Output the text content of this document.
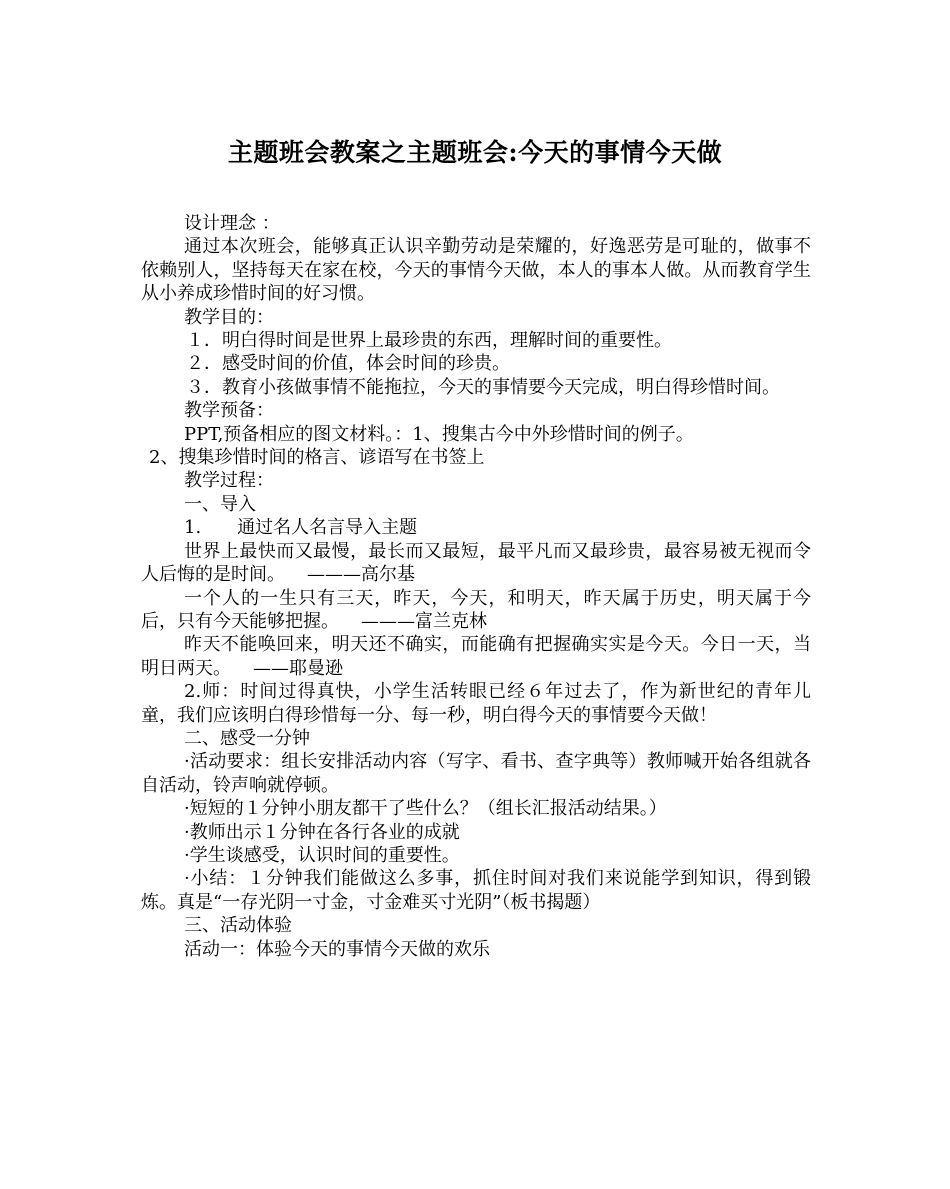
主题班会教案之主题班会:今天的事情今天做

设计理念 ：

通过本次班会，能够真正认识辛勤劳动是荣耀的，好逸恶劳是可耻的，做事不依赖别人，坚持每天在家在校，今天的事情今天做，本人的事本人做。从而教育学生从小养成珍惜时间的好习惯。

教学目的：

１．明白得时间是世界上最珍贵的东西，理解时间的重要性。

２．感受时间的价值，体会时间的珍贵。

３．教育小孩做事情不能拖拉，今天的事情要今天完成，明白得珍惜时间。

教学预备：

PPT,预备相应的图文材料。：1、搜集古今中外珍惜时间的例子。

2、搜集珍惜时间的格言、谚语写在书签上

教学过程：

一、导入

1.　　通过名人名言导入主题

世界上最快而又最慢，最长而又最短，最平凡而又最珍贵，最容易被无视而令人后悔的是时间。 ———高尔基

一个人的一生只有三天，昨天，今天，和明天，昨天属于历史，明天属于今后，只有今天能够把握。 ———富兰克林

昨天不能唤回来，明天还不确实，而能确有把握确实实是今天。今日一天，当明日两天。 ——耶曼逊

2.师：时间过得真快，小学生活转眼已经６年过去了，作为新世纪的青年儿童，我们应该明白得珍惜每一分、每一秒，明白得今天的事情要今天做！

二、感受一分钟

·活动要求：组长安排活动内容（写字、看书、查字典等）教师喊开始各组就各自活动，铃声响就停顿。

·短短的１分钟小朋友都干了些什么？（组长汇报活动结果。）

·教师出示１分钟在各行各业的成就

·学生谈感受，认识时间的重要性。

·小结：１分钟我们能做这么多事，抓住时间对我们来说能学到知识，得到锻炼。真是“一存光阴一寸金，寸金难买寸光阴”（板书揭题）

三、活动体验

活动一：体验今天的事情今天做的欢乐
